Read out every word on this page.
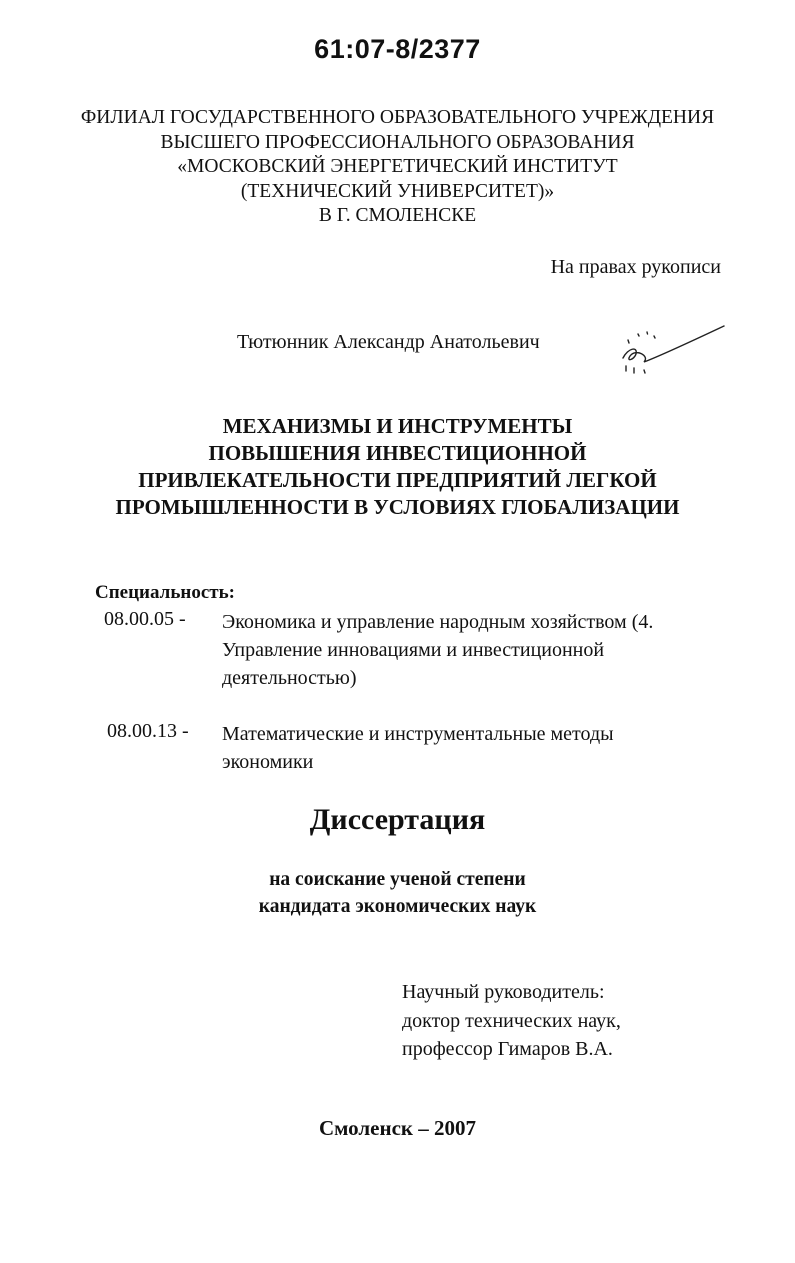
61:07-8/2377
ФИЛИАЛ ГОСУДАРСТВЕННОГО ОБРАЗОВАТЕЛЬНОГО УЧРЕЖДЕНИЯ
ВЫСШЕГО ПРОФЕССИОНАЛЬНОГО ОБРАЗОВАНИЯ
«МОСКОВСКИЙ ЭНЕРГЕТИЧЕСКИЙ ИНСТИТУТ
(ТЕХНИЧЕСКИЙ УНИВЕРСИТЕТ)»
В Г. СМОЛЕНСКЕ
На правах рукописи
Тютюнник Александр Анатольевич
МЕХАНИЗМЫ И ИНСТРУМЕНТЫ
ПОВЫШЕНИЯ ИНВЕСТИЦИОННОЙ
ПРИВЛЕКАТЕЛЬНОСТИ ПРЕДПРИЯТИЙ ЛЕГКОЙ
ПРОМЫШЛЕННОСТИ В УСЛОВИЯХ ГЛОБАЛИЗАЦИИ
Специальность:
08.00.05 - Экономика и управление народным хозяйством (4. Управление инновациями и инвестиционной деятельностью)
08.00.13 - Математические и инструментальные методы экономики
Диссертация
на соискание ученой степени
кандидата экономических наук
Научный руководитель:
доктор технических наук,
профессор Гимаров В.А.
Смоленск – 2007
